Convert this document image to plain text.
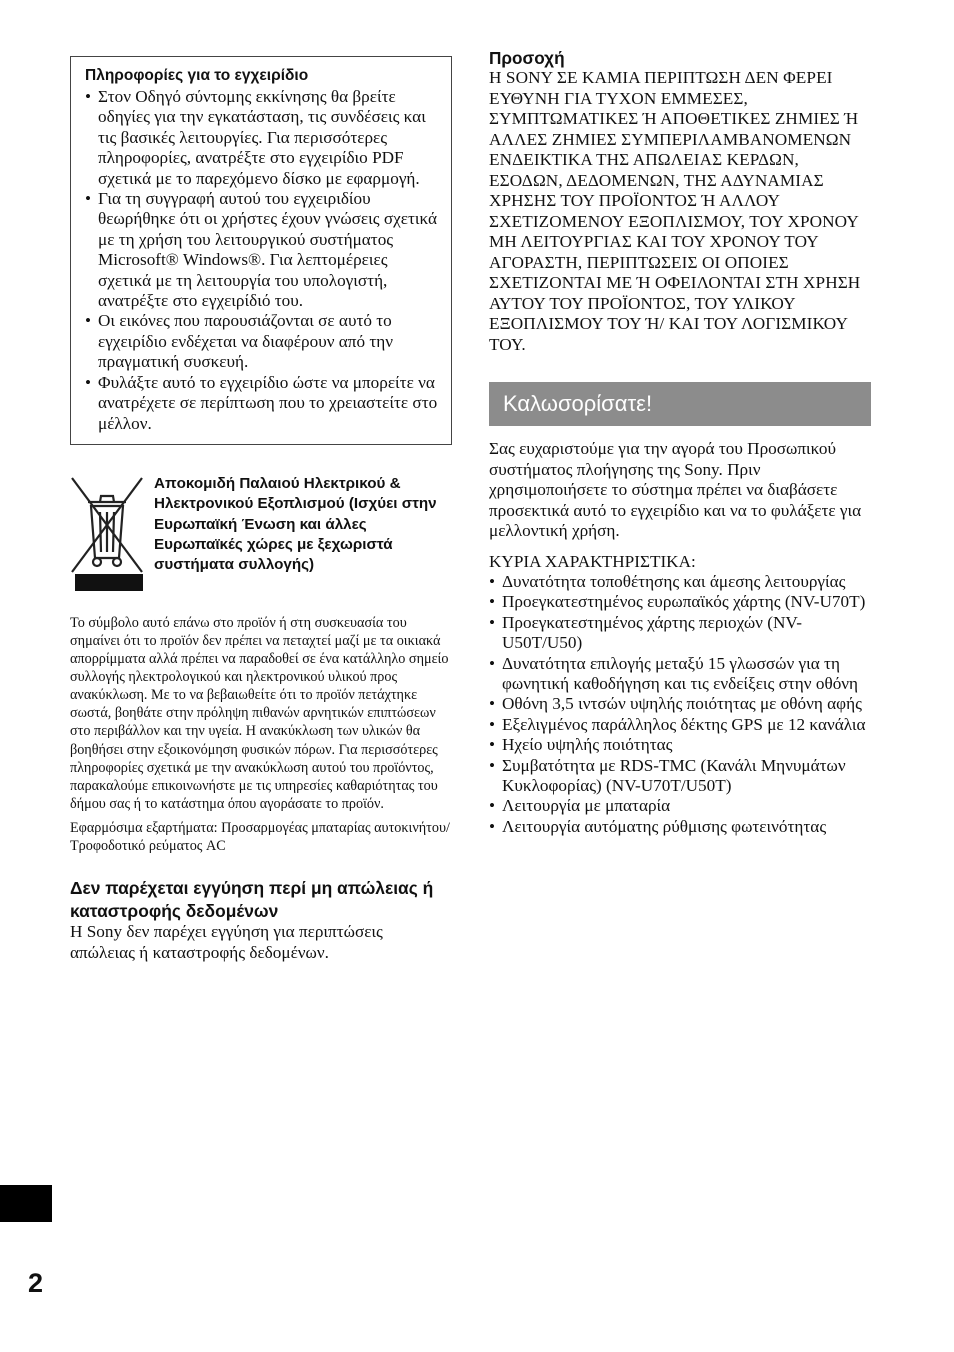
Πληροφορίες για το εγχειρίδιο
• Στον Οδηγό σύντομης εκκίνησης θα βρείτε οδηγίες για την εγκατάσταση, τις συνδέσεις και τις βασικές λειτουργίες. Για περισσότερες πληροφορίες, ανατρέξτε στο εγχειρίδιο PDF σχετικά με το παρεχόμενο δίσκο με εφαρμογή.
• Για τη συγγραφή αυτού του εγχειριδίου θεωρήθηκε ότι οι χρήστες έχουν γνώσεις σχετικά με τη χρήση του λειτουργικού συστήματος Microsoft® Windows®. Για λεπτομέρειες σχετικά με τη λειτουργία του υπολογιστή, ανατρέξτε στο εγχειρίδιό του.
• Οι εικόνες που παρουσιάζονται σε αυτό το εγχειρίδιο ενδέχεται να διαφέρουν από την πραγματική συσκευή.
• Φυλάξτε αυτό το εγχειρίδιο ώστε να μπορείτε να ανατρέχετε σε περίπτωση που το χρειαστείτε στο μέλλον.
Απoκομιδή Παλαιού Ηλεκτρικού & Ηλεκτρονικού Εξοπλισμού (Ισχύει στην Ευρωπαϊκή Ένωση και άλλες Ευρωπαϊκές χώρες με ξεχωριστά συστήματα συλλογής)

Το σύμβολο αυτό επάνω στο προϊόν ή στη συσκευασία του σημαίνει ότι το προϊόν δεν πρέπει να πεταχτεί μαζί με τα οικιακά απορρίμματα αλλά πρέπει να παραδοθεί σε ένα κατάλληλο σημείο συλλογής ηλεκτρολογικού και ηλεκτρονικού υλικού προς ανακύκλωση. Με το να βεβαιωθείτε ότι το προϊόν πετάχτηκε σωστά, βοηθάτε στην πρόληψη πιθανών αρνητικών επιπτώσεων στο περιβάλλον και την υγεία. Η ανακύκλωση των υλικών θα βοηθήσει στην εξοικονόμηση φυσικών πόρων. Για περισσότερες πληροφορίες σχετικά με την ανακύκλωση αυτού του προϊόντος, παρακαλούμε επικοινωνήστε με τις υπηρεσίες καθαριότητας του δήμου σας ή το κατάστημα όπου αγοράσατε το προϊόν.

Εφαρμόσιμα εξαρτήματα: Προσαρμογέας μπαταρίας αυτοκινήτου/Τροφοδοτικό ρεύματος AC

Δεν παρέχεται εγγύηση περί μη απώλειας ή καταστροφής δεδομένων

Η Sony δεν παρέχει εγγύηση για περιπτώσεις απώλειας ή καταστροφής δεδομένων.

Προσοχή

Η SONY ΣΕ ΚΑΜΙΑ ΠΕΡΙΠΤΩΣΗ ΔΕΝ ΦΕΡΕΙ ΕΥΘΥΝΗ ΓΙΑ ΤΥΧΟΝ ΕΜΜΕΣΕΣ, ΣΥΜΠΤΩΜΑΤΙΚΕΣ Ή ΑΠΟΘΕΤΙΚΕΣ ΖΗΜΙΕΣ Ή ΑΛΛΕΣ ΖΗΜΙΕΣ ΣΥΜΠΕΡΙΛΑΜΒΑΝΟΜΕΝΩΝ ΕΝΔΕΙΚΤΙΚΑ ΤΗΣ ΑΠΩΛΕΙΑΣ ΚΕΡΔΩΝ, ΕΣΟΔΩΝ, ΔΕΔΟΜΕΝΩΝ, ΤΗΣ ΑΔΥΝΑΜΙΑΣ ΧΡΗΣΗΣ ΤΟΥ ΠΡΟΪΟΝΤΟΣ Ή ΑΛΛΟΥ ΣΧΕΤΙΖΟΜΕΝΟΥ ΕΞΟΠΛΙΣΜΟΥ, ΤΟΥ ΧΡΟΝΟΥ ΜΗ ΛΕΙΤΟΥΡΓΙΑΣ ΚΑΙ ΤΟΥ ΧΡΟΝΟΥ ΤΟΥ ΑΓΟΡΑΣΤΗ, ΠΕΡΙΠΤΩΣΕΙΣ ΟΙ ΟΠΟΙΕΣ ΣΧΕΤΙΖΟΝΤΑΙ ΜΕ Ή ΟΦΕΙΛΟΝΤΑΙ ΣΤΗ ΧΡΗΣΗ ΑΥΤΟΥ ΤΟΥ ΠΡΟΪΟΝΤΟΣ, ΤΟΥ ΥΛΙΚΟΥ ΕΞΟΠΛΙΣΜΟΥ ΤΟΥ Ή/ ΚΑΙ ΤΟΥ ΛΟΓΙΣΜΙΚΟΥ ΤΟΥ.

Καλωσορίσατε!

Σας ευχαριστούμε για την αγορά του Προσωπικού συστήματος πλοήγησης της Sony. Πριν χρησιμοποιήσετε το σύστημα πρέπει να διαβάσετε προσεκτικά αυτό το εγχειρίδιο και να το φυλάξετε για μελλοντική χρήση.

ΚΥΡΙΑ ΧΑΡΑΚΤΗΡΙΣΤΙΚΑ:

• Δυνατότητα τοποθέτησης και άμεσης λειτουργίας
• Προεγκατεστημένος ευρωπαϊκός χάρτης (NV-U70T)
• Προεγκατεστημένος χάρτης περιοχών (NV-U50T/U50)
• Δυνατότητα επιλογής μεταξύ 15 γλωσσών για τη φωνητική καθοδήγηση και τις ενδείξεις στην οθόνη
• Οθόνη 3,5 ιντσών υψηλής ποιότητας με οθόνη αφής
• Εξελιγμένος παράλληλος δέκτης GPS με 12 κανάλια
• Ηχείο υψηλής ποιότητας
• Συμβατότητα με RDS-TMC (Κανάλι Μηνυμάτων Κυκλοφορίας) (NV-U70T/U50T)
• Λειτουργία με μπαταρία
• Λειτουργία αυτόματης ρύθμισης φωτεινότητας
2
